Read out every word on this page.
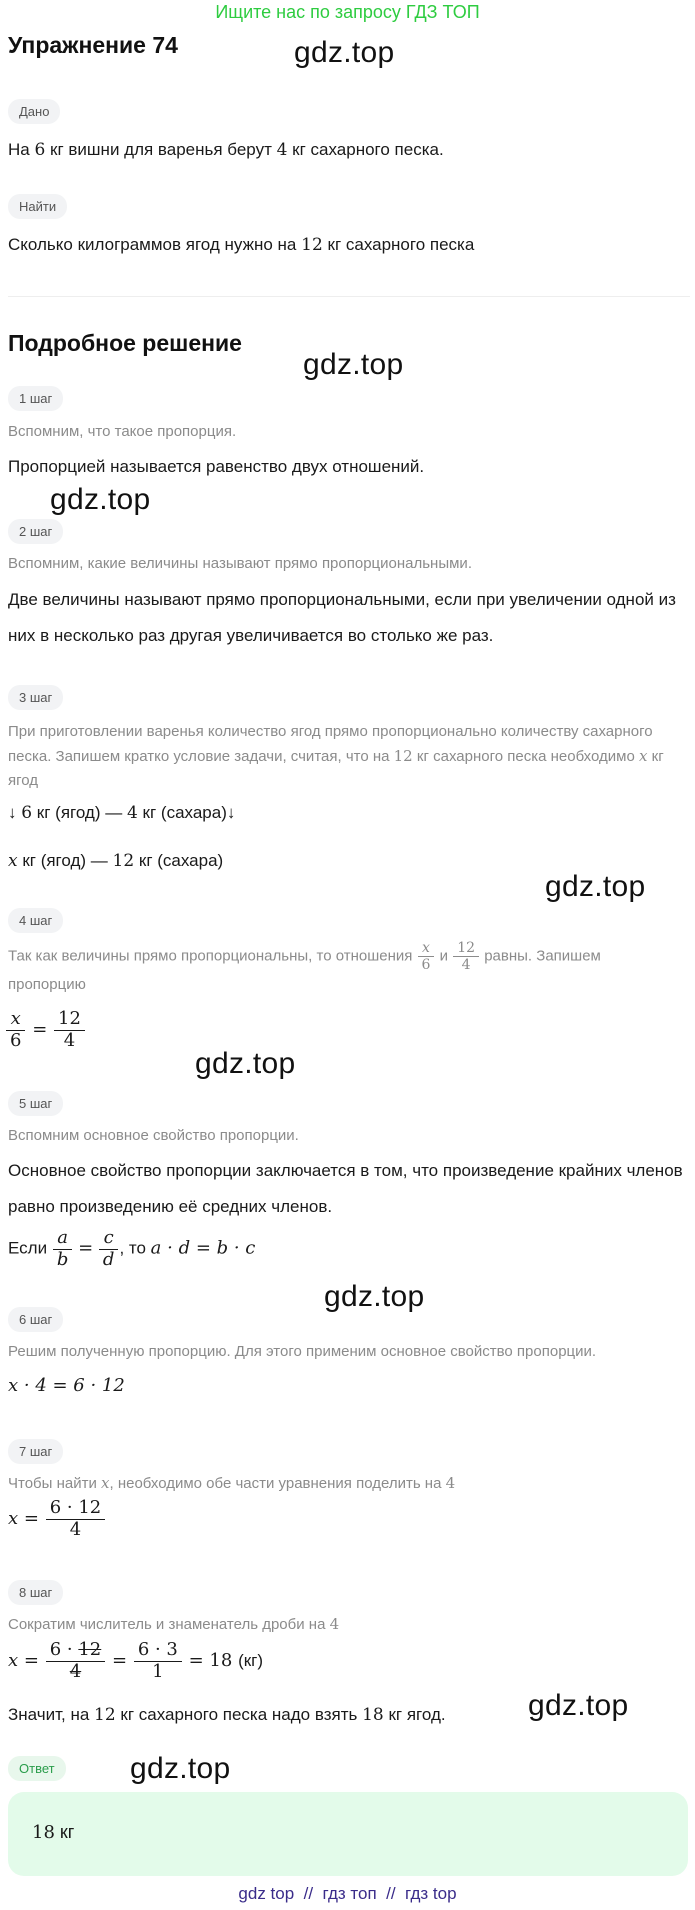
Ищите нас по запросу ГДЗ ТОП
Упражнение 74	gdz.top
gdz.top
gdz.top
gdz.top
gdz.top
gdz.top
gdz.top
gdz.top
Дано
На 6 кг вишни для варенья берут 4 кг сахарного песка.
Найти
Сколько килограммов ягод нужно на 12 кг сахарного песка
Подробное решение
1 шаг
Вспомним, что такое пропорция.
Пропорцией называется равенство двух отношений.
2 шаг
Вспомним, какие величины называют прямо пропорциональными.
Две величины называют прямо пропорциональными, если при увеличении одной из них в несколько раз другая увеличивается во столько же раз.
3 шаг
При приготовлении варенья количество ягод прямо пропорционально количеству сахарного песка. Запишем кратко условие задачи, считая, что на 12 кг сахарного песка необходимо x кг ягод
↓ 6 кг (ягод) — 4 кг (сахара)↓
x кг (ягод) — 12 кг (сахара)
4 шаг
Так как величины прямо пропорциональны, то отношения $\frac{x}{6}$ и $\frac{12}{4}$ равны. Запишем
пропорцию
$\frac{x}{6} = \frac{12}{4}$
5 шаг
Вспомним основное свойство пропорции.
Основное свойство пропорции заключается в том, что произведение крайних членов равно произведению её средних членов.
Если $\frac{a}{b} = \frac{c}{d}$ , то a · d = b · c
6 шаг
Решим полученную пропорцию. Для этого применим основное свойство пропорции.
x · 4 = 6 · 12
7 шаг
Чтобы найти x, необходимо обе части уравнения поделить на 4
$x = \frac{6 \cdot 12}{4}$
8 шаг
Сократим числитель и знаменатель дроби на 4
$x = \frac{6 \cdot 12}{4} = \frac{6 \cdot 3}{1} = 18$ (кг)
Значит, на 12 кг сахарного песка надо взять 18 кг ягод.
Ответ
18 кг
gdz top // гдз топ // гдз top
